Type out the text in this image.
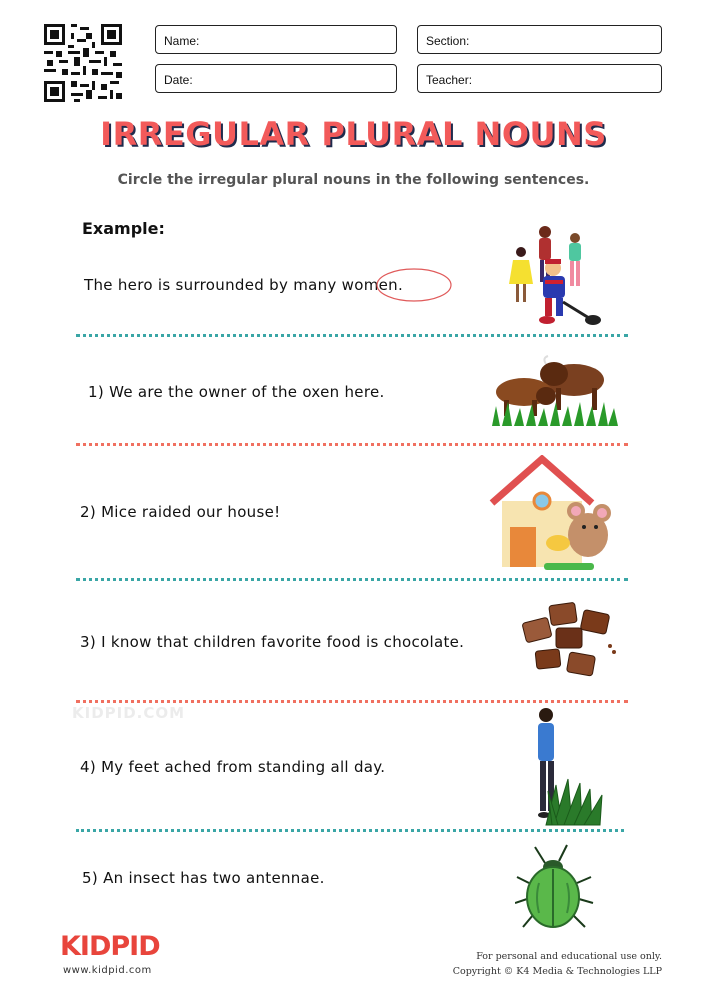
Name:	Section:
Date:	Teacher:
IRREGULAR PLURAL NOUNS
Circle the irregular plural nouns in the following sentences.
Example:
The hero is surrounded by many women.
1) We are the owner of the oxen here.
2) Mice raided our house!
3) I know that children favorite food is chocolate.
KIDPID.COM
4) My feet ached from standing all day.
5) An insect has two antennae.
KIDPID
www.kidpid.com
For personal and educational use only.
Copyright © K4 Media & Technologies LLP
